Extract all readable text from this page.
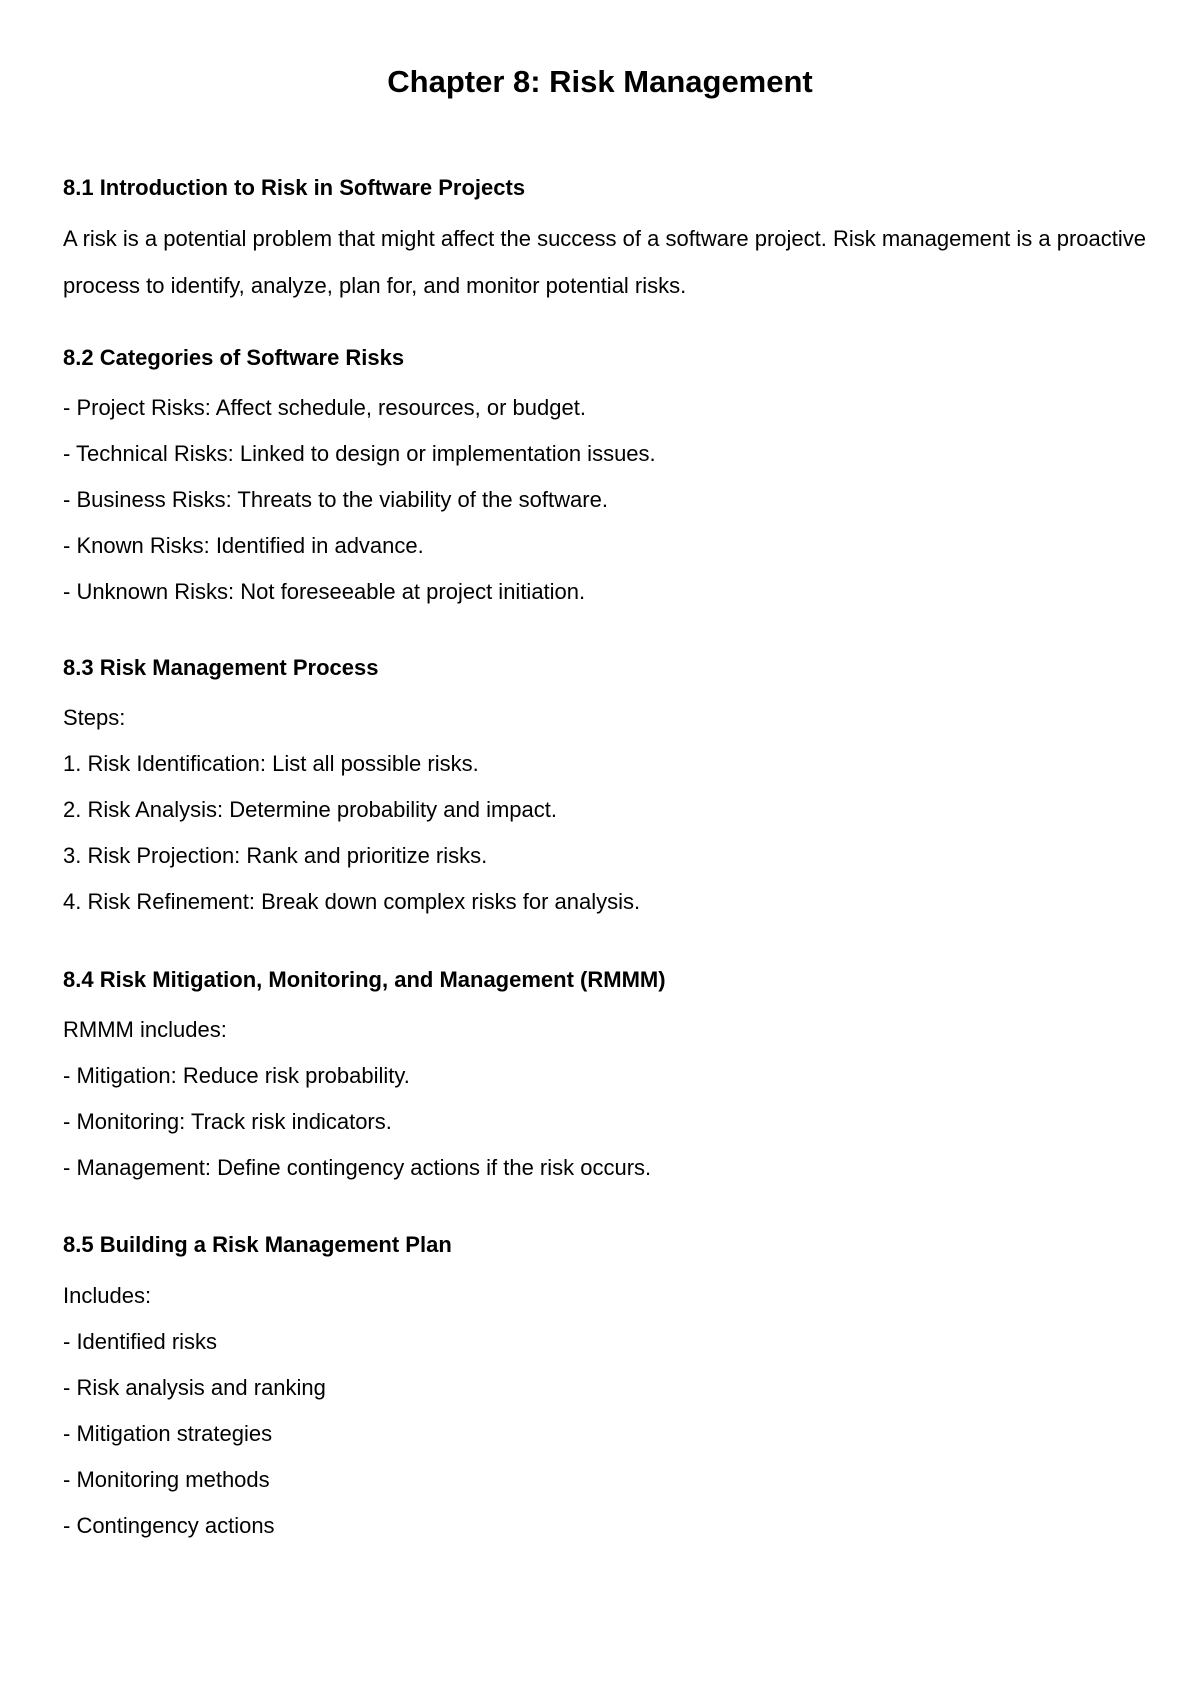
Chapter 8: Risk Management
8.1 Introduction to Risk in Software Projects

A risk is a potential problem that might affect the success of a software project. Risk management is a proactive process to identify, analyze, plan for, and monitor potential risks.

8.2 Categories of Software Risks

- Project Risks: Affect schedule, resources, or budget.

- Technical Risks: Linked to design or implementation issues.

- Business Risks: Threats to the viability of the software.

- Known Risks: Identified in advance.

- Unknown Risks: Not foreseeable at project initiation.

8.3 Risk Management Process

Steps:

1. Risk Identification: List all possible risks.

2. Risk Analysis: Determine probability and impact.

3. Risk Projection: Rank and prioritize risks.

4. Risk Refinement: Break down complex risks for analysis.

8.4 Risk Mitigation, Monitoring, and Management (RMMM)

RMMM includes:

- Mitigation: Reduce risk probability.

- Monitoring: Track risk indicators.

- Management: Define contingency actions if the risk occurs.

8.5 Building a Risk Management Plan

Includes:

- Identified risks

- Risk analysis and ranking

- Mitigation strategies

- Monitoring methods

- Contingency actions
